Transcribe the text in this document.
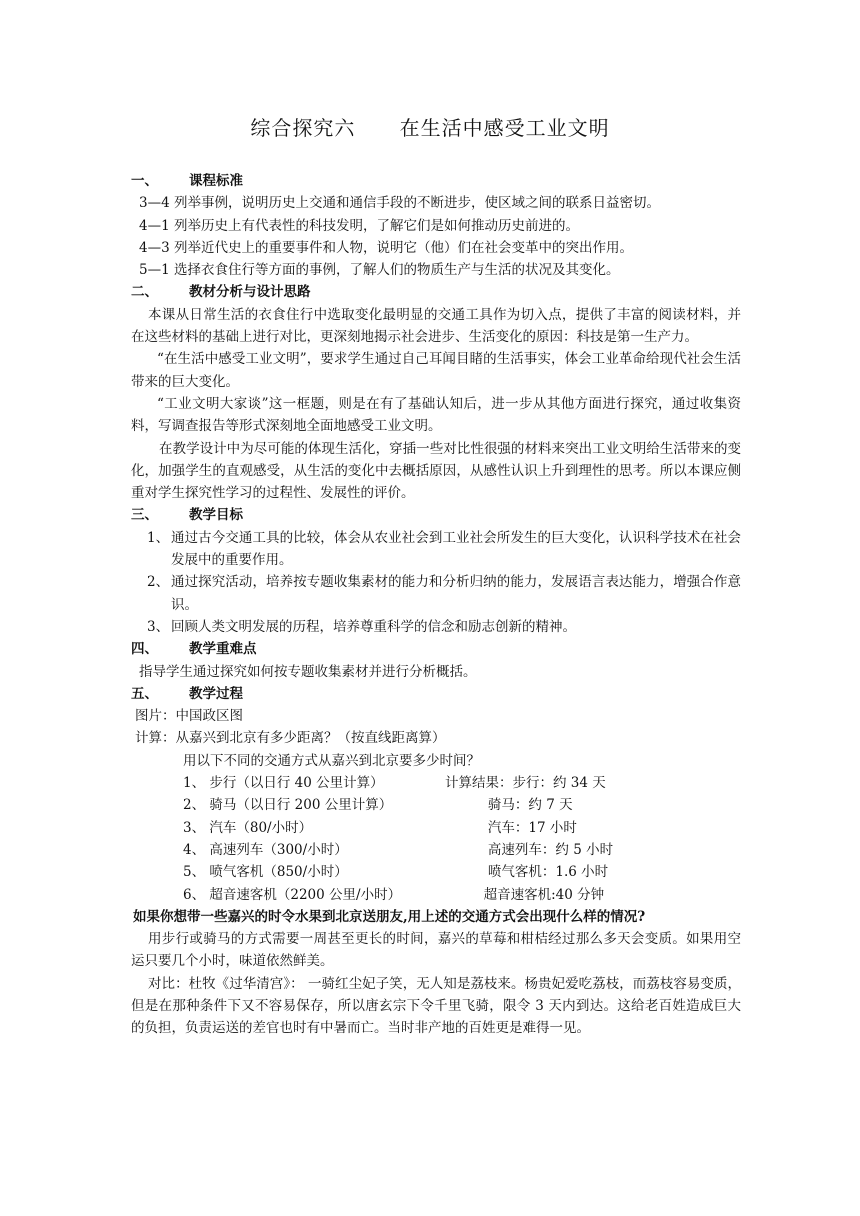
综合探究六      在生活中感受工业文明
一、	课程标准
3—4 列举事例，说明历史上交通和通信手段的不断进步，使区域之间的联系日益密切。
4—1 列举历史上有代表性的科技发明，了解它们是如何推动历史前进的。
4—3 列举近代史上的重要事件和人物，说明它（他）们在社会变革中的突出作用。
5—1 选择衣食住行等方面的事例，了解人们的物质生产与生活的状况及其变化。
二、	教材分析与设计思路
本课从日常生活的衣食住行中选取变化最明显的交通工具作为切入点，提供了丰富的阅读材料，并在这些材料的基础上进行对比，更深刻地揭示社会进步、生活变化的原因：科技是第一生产力。
“在生活中感受工业文明”，要求学生通过自己耳闻目睹的生活事实，体会工业革命给现代社会生活带来的巨大变化。
“工业文明大家谈”这一框题，则是在有了基础认知后，进一步从其他方面进行探究，通过收集资料，写调查报告等形式深刻地全面地感受工业文明。
在教学设计中为尽可能的体现生活化，穿插一些对比性很强的材料来突出工业文明给生活带来的变化，加强学生的直观感受，从生活的变化中去概括原因，从感性认识上升到理性的思考。所以本课应侧重对学生探究性学习的过程性、发展性的评价。
三、	教学目标
1、 通过古今交通工具的比较，体会从农业社会到工业社会所发生的巨大变化，认识科学技术在社会发展中的重要作用。
2、 通过探究活动，培养按专题收集素材的能力和分析归纳的能力，发展语言表达能力，增强合作意识。
3、 回顾人类文明发展的历程，培养尊重科学的信念和励志创新的精神。
四、	教学重难点
指导学生通过探究如何按专题收集素材并进行分析概括。
五、	教学过程
图片：中国政区图
计算：从嘉兴到北京有多少距离？（按直线距离算）
用以下不同的交通方式从嘉兴到北京要多少时间？
1、 步行（以日行 40 公里计算）	计算结果：步行：约 34 天
2、 骑马（以日行 200 公里计算）	骑马：约 7 天
3、 汽车（80/小时）	汽车：17 小时
4、 高速列车（300/小时）	高速列车：约 5 小时
5、 喷气客机（850/小时）	喷气客机：1.6 小时
6、 超音速客机（2200 公里/小时）	超音速客机:40 分钟
如果你想带一些嘉兴的时令水果到北京送朋友,用上述的交通方式会出现什么样的情况?
用步行或骑马的方式需要一周甚至更长的时间，嘉兴的草莓和柑桔经过那么多天会变质。如果用空运只要几个小时，味道依然鲜美。
对比：杜牧《过华清宫》： 一骑红尘妃子笑，无人知是荔枝来。杨贵妃爱吃荔枝，而荔枝容易变质，但是在那种条件下又不容易保存，所以唐玄宗下令千里飞骑，限令 3 天内到达。这给老百姓造成巨大的负担，负责运送的差官也时有中暑而亡。当时非产地的百姓更是难得一见。
